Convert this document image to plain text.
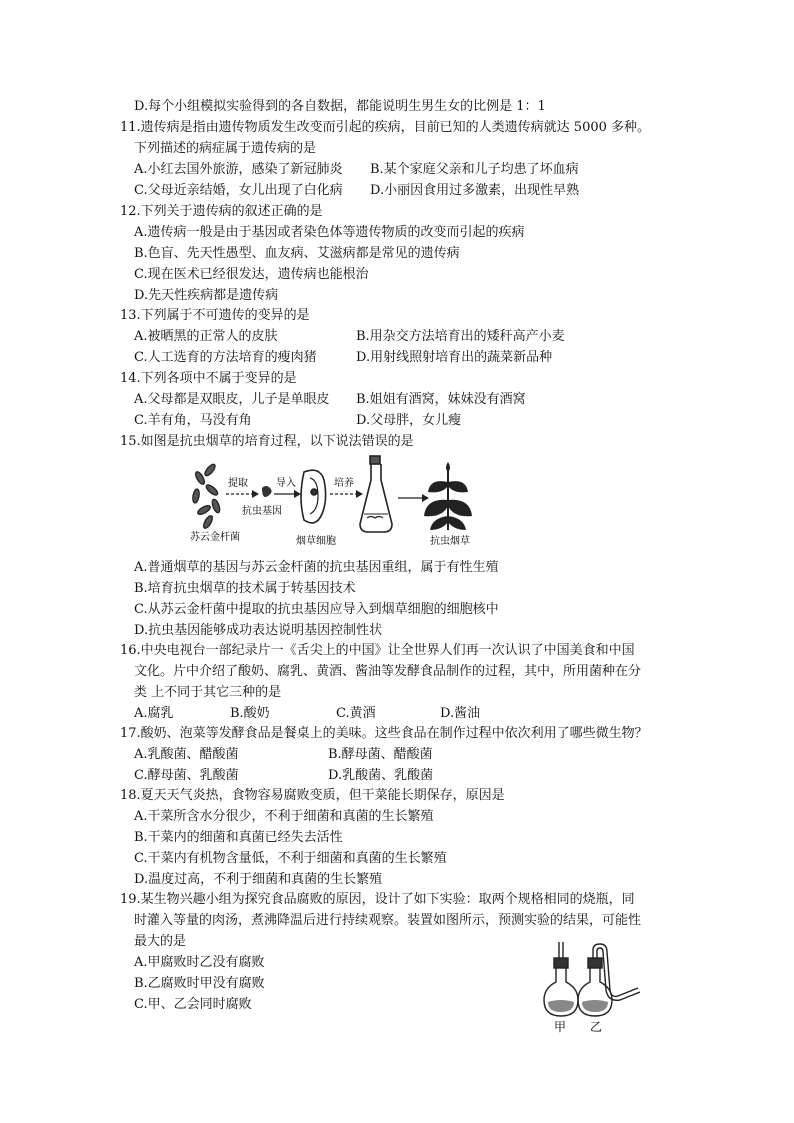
D.每个小组模拟实验得到的各自数据，都能说明生男生女的比例是 1：1
11.遗传病是指由遗传物质发生改变而引起的疾病，目前已知的人类遗传病就达 5000 多种。
下列描述的病症属于遗传病的是
A.小红去国外旅游，感染了新冠肺炎 B.某个家庭父亲和儿子均患了坏血病
C.父母近亲结婚，女儿出现了白化病 D.小丽因食用过多激素，出现性早熟
12.下列关于遗传病的叙述正确的是
A.遗传病一般是由于基因或者染色体等遗传物质的改变而引起的疾病
B.色盲、先天性愚型、血友病、艾滋病都是常见的遗传病
C.现在医术已经很发达，遗传病也能根治
D.先天性疾病都是遗传病
13.下列属于不可遗传的变异的是
A.被晒黑的正常人的皮肤	B.用杂交方法培育出的矮秆高产小麦
C.人工选育的方法培育的瘦肉猪	D.用射线照射培育出的蔬菜新品种
14.下列各项中不属于变异的是
A.父母都是双眼皮，儿子是单眼皮 B.姐姐有酒窝，妹妹没有酒窝
C.羊有角，马没有角	D.父母胖，女儿瘦
15.如图是抗虫烟草的培育过程，以下说法错误的是
提取
抗虫基因
导入
烟草细胞
培养
抗虫烟草
苏云金杆菌
A.普通烟草的基因与苏云金杆菌的抗虫基因重组，属于有性生殖
B.培育抗虫烟草的技术属于转基因技术
C.从苏云金杆菌中提取的抗虫基因应导入到烟草细胞的细胞核中
D.抗虫基因能够成功表达说明基因控制性状
16.中央电视台一部纪录片一《舌尖上的中国》让全世界人们再一次认识了中国美食和中国
文化。片中介绍了酸奶、腐乳、黄酒、酱油等发酵食品制作的过程，其中，所用菌种在分
类 上不同于其它三种的是
A.腐乳	B.酸奶	C.黄酒	D.酱油
17.酸奶、泡菜等发酵食品是餐桌上的美味。这些食品在制作过程中依次利用了哪些微生物？
A.乳酸菌、醋酸菌	B.酵母菌、醋酸菌
C.酵母菌、乳酸菌	D.乳酸菌、乳酸菌
18.夏天天气炎热，食物容易腐败变质，但干菜能长期保存，原因是
A.干菜所含水分很少，不利于细菌和真菌的生长繁殖
B.干菜内的细菌和真菌已经失去活性
C.干菜内有机物含量低，不利于细菌和真菌的生长繁殖
D.温度过高，不利于细菌和真菌的生长繁殖
19.某生物兴趣小组为探究食品腐败的原因，设计了如下实验：取两个规格相同的烧瓶，同
时灌入等量的肉汤，煮沸降温后进行持续观察。装置如图所示，预测实验的结果，可能性
最大的是
A.甲腐败时乙没有腐败
B.乙腐败时甲没有腐败
C.甲、乙会同时腐败
甲 乙
